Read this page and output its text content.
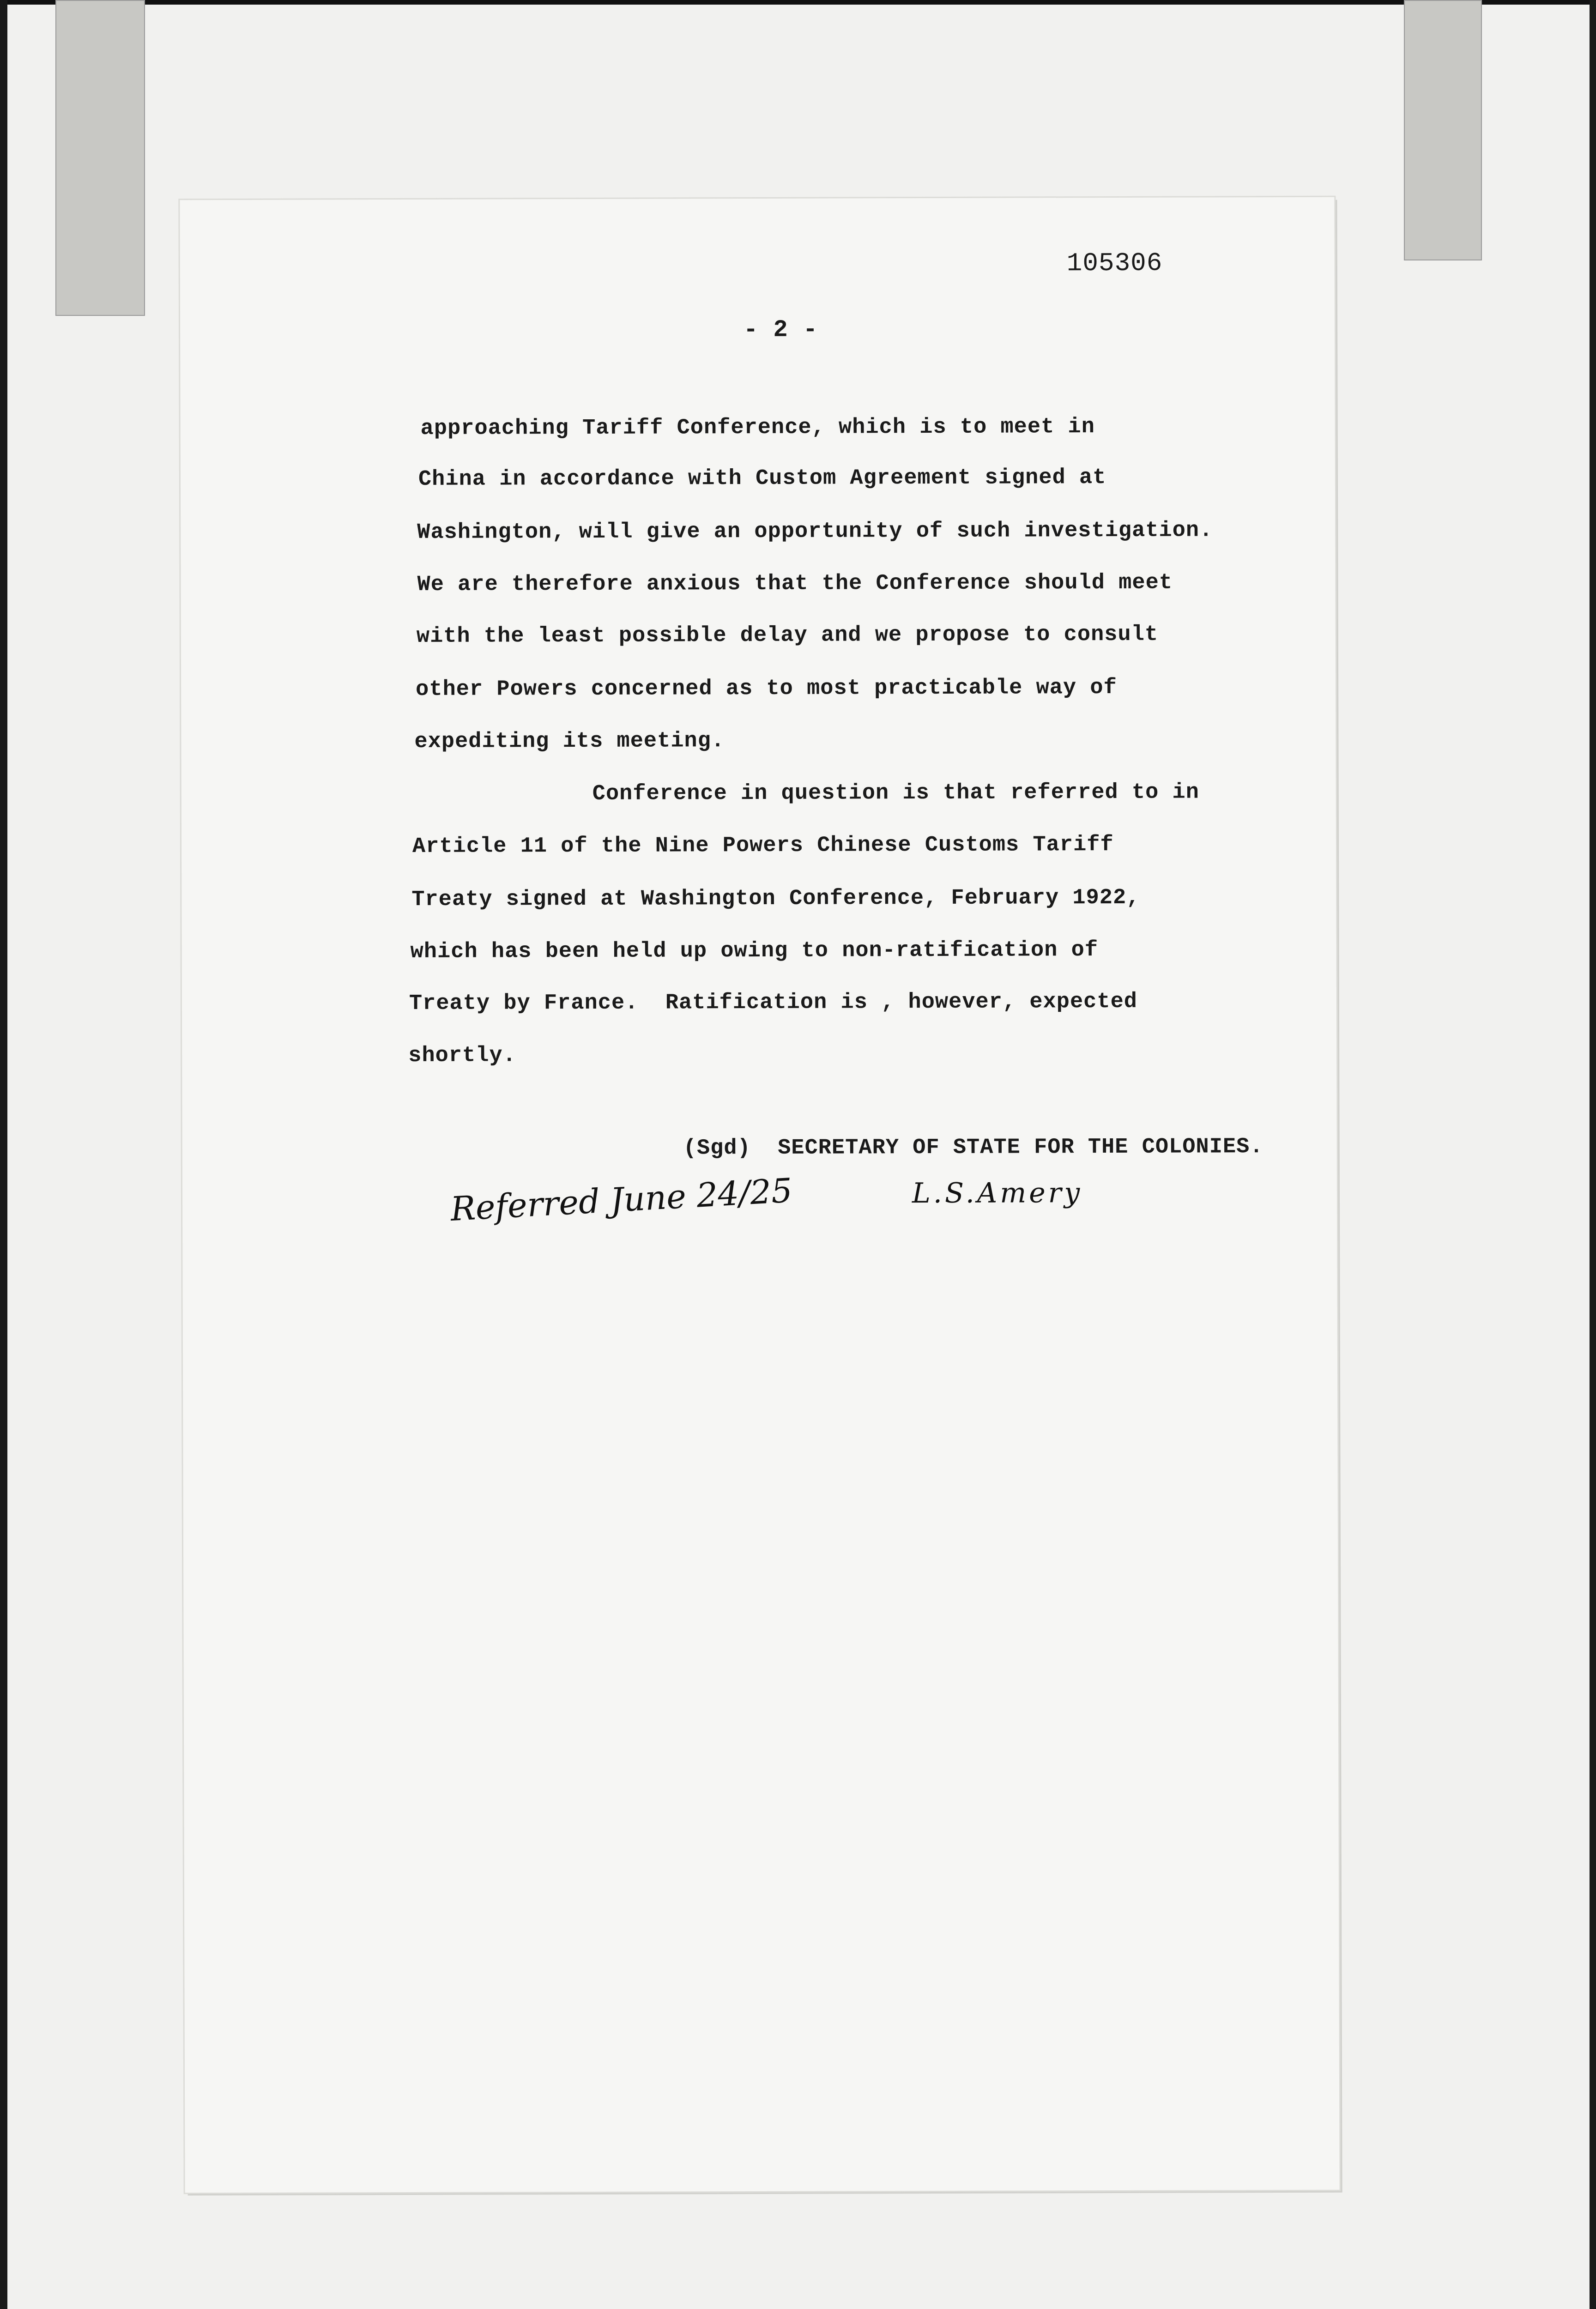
105306
- 2 -
approaching Tariff Conference, which is to meet in
China in accordance with Custom Agreement signed at
Washington, will give an opportunity of such investigation.
We are therefore anxious that the Conference should meet
with the least possible delay and we propose to consult
other Powers concerned as to most practicable way of
expediting its meeting.
Conference in question is that referred to in
Article 11 of the Nine Powers Chinese Customs Tariff
Treaty signed at Washington Conference, February 1922,
which has been held up owing to non-ratification of
Treaty by France.  Ratification is , however, expected
shortly.
(Sgd)  SECRETARY OF STATE FOR THE COLONIES.
L.S.Amery
Referred June 24/25
